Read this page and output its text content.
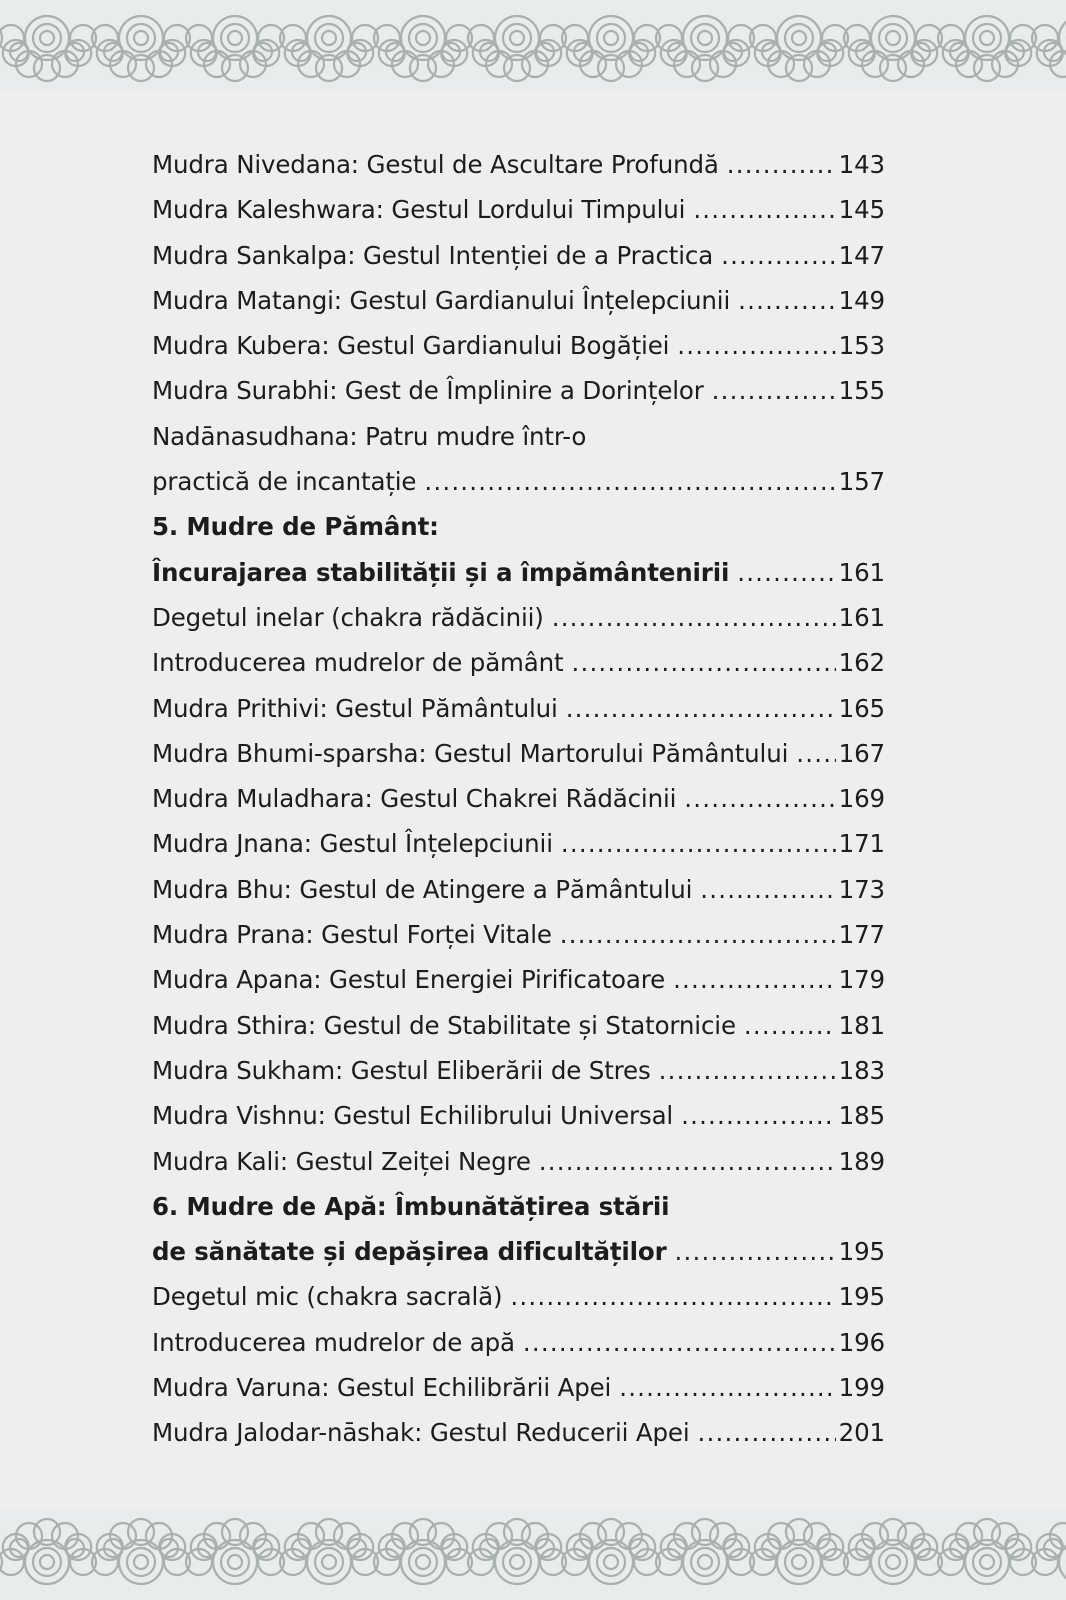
Mudra Nivedana: Gestul de Ascultare Profundă .....	143
Mudra Kaleshwara: Gestul Lordului Timpului .....	145
Mudra Sankalpa: Gestul Intenției de a Practica .....	147
Mudra Matangi: Gestul Gardianului Înțelepciunii .....	149
Mudra Kubera: Gestul Gardianului Bogăției .....	153
Mudra Surabhi: Gest de Împlinire a Dorințelor .....	155
Nadānasudhana: Patru mudre într-o
practică de incantație .....	157
5. Mudre de Pământ:
Încurajarea stabilității și a împământenirii .....	161
Degetul inelar (chakra rădăcinii) .....	161
Introducerea mudrelor de pământ .....	162
Mudra Prithivi: Gestul Pământului .....	165
Mudra Bhumi-sparsha: Gestul Martorului Pământului ..... 167
Mudra Muladhara: Gestul Chakrei Rădăcinii .....	169
Mudra Jnana: Gestul Înțelepciunii .....	171
Mudra Bhu: Gestul de Atingere a Pământului .....	173
Mudra Prana: Gestul Forței Vitale .....	177
Mudra Apana: Gestul Energiei Pirificatoare .....	179
Mudra Sthira: Gestul de Stabilitate și Statornicie .....	181
Mudra Sukham: Gestul Eliberării de Stres .....	183
Mudra Vishnu: Gestul Echilibrului Universal .....	185
Mudra Kali: Gestul Zeiței Negre .....	189
6. Mudre de Apă: Îmbunătățirea stării
de sănătate și depășirea dificultăților .....	195
Degetul mic (chakra sacrală) .....	195
Introducerea mudrelor de apă .....	196
Mudra Varuna: Gestul Echilibrării Apei .....	199
Mudra Jalodar-nāshak: Gestul Reducerii Apei .....	201
